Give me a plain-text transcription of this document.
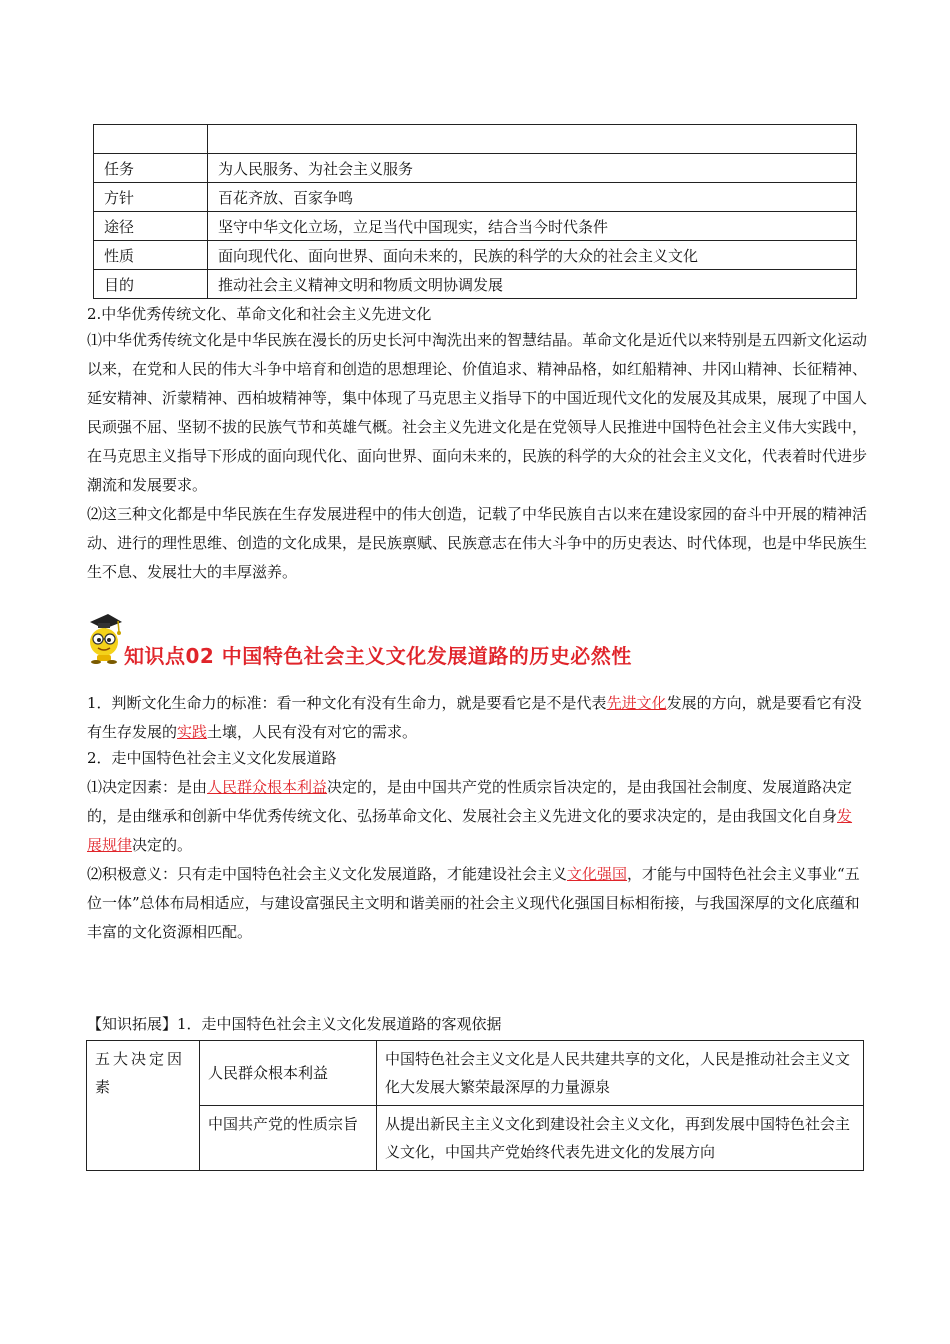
任务	为人民服务、为社会主义服务
方针	百花齐放、百家争鸣
途径	坚守中华文化立场，立足当代中国现实，结合当今时代条件
性质	面向现代化、面向世界、面向未来的，民族的科学的大众的社会主义文化
目的	推动社会主义精神文明和物质文明协调发展
2.中华优秀传统文化、革命文化和社会主义先进文化
⑴中华优秀传统文化是中华民族在漫长的历史长河中淘洗出来的智慧结晶。革命文化是近代以来特别是五四新文化运动以来，在党和人民的伟大斗争中培育和创造的思想理论、价值追求、精神品格，如红船精神、井冈山精神、长征精神、延安精神、沂蒙精神、西柏坡精神等，集中体现了马克思主义指导下的中国近现代文化的发展及其成果，展现了中国人民顽强不屈、坚韧不拔的民族气节和英雄气概。社会主义先进文化是在党领导人民推进中国特色社会主义伟大实践中，在马克思主义指导下形成的面向现代化、面向世界、面向未来的，民族的科学的大众的社会主义文化，代表着时代进步潮流和发展要求。
⑵这三种文化都是中华民族在生存发展进程中的伟大创造，记载了中华民族自古以来在建设家园的奋斗中开展的精神活动、进行的理性思维、创造的文化成果，是民族禀赋、民族意志在伟大斗争中的历史表达、时代体现，也是中华民族生生不息、发展壮大的丰厚滋养。
知识点02 中国特色社会主义文化发展道路的历史必然性
1．判断文化生命力的标准：看一种文化有没有生命力，就是要看它是不是代表先进文化发展的方向，就是要看它有没有生存发展的实践土壤，人民有没有对它的需求。
2．走中国特色社会主义文化发展道路
⑴决定因素：是由人民群众根本利益决定的，是由中国共产党的性质宗旨决定的，是由我国社会制度、发展道路决定的，是由继承和创新中华优秀传统文化、弘扬革命文化、发展社会主义先进文化的要求决定的，是由我国文化自身发展规律决定的。
⑵积极意义：只有走中国特色社会主义文化发展道路，才能建设社会主义文化强国，才能与中国特色社会主义事业“五位一体”总体布局相适应，与建设富强民主文明和谐美丽的社会主义现代化强国目标相衔接，与我国深厚的文化底蕴和丰富的文化资源相匹配。
【知识拓展】1．走中国特色社会主义文化发展道路的客观依据
五大决定因素	人民群众根本利益	中国特色社会主义文化是人民共建共享的文化，人民是推动社会主义文化大发展大繁荣最深厚的力量源泉
	中国共产党的性质宗旨	从提出新民主主义文化到建设社会主义文化，再到发展中国特色社会主义文化，中国共产党始终代表先进文化的发展方向
